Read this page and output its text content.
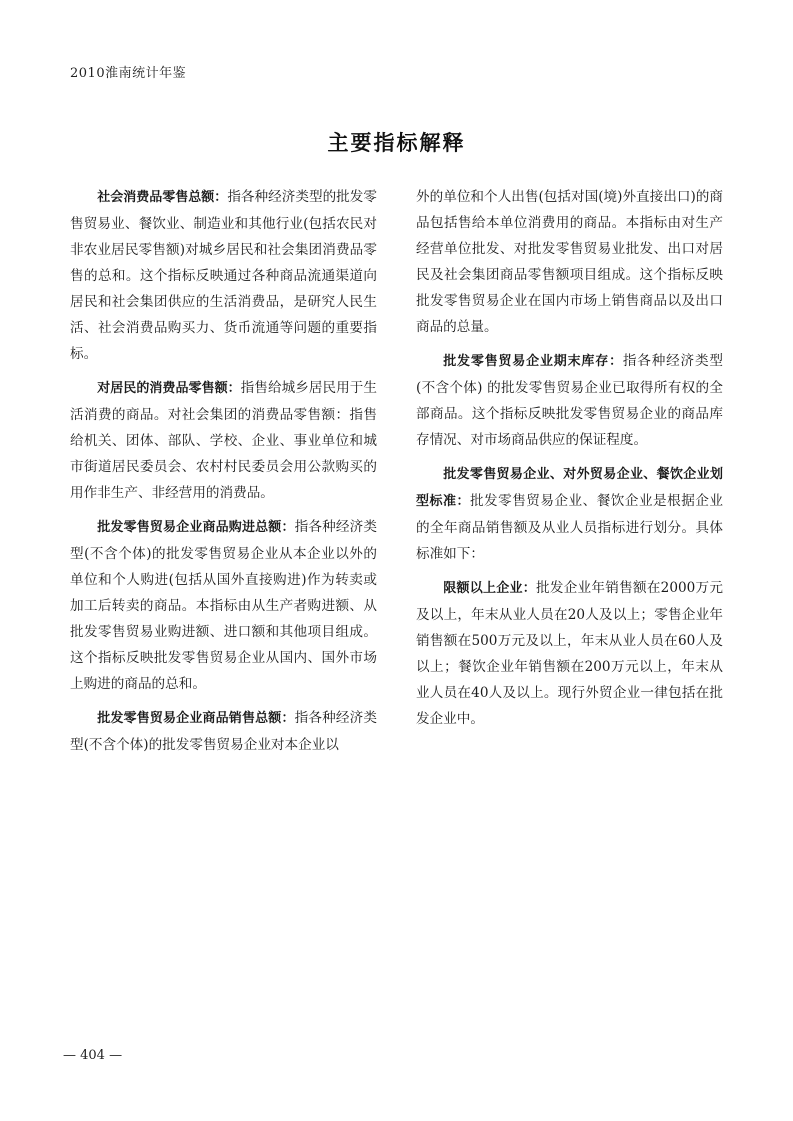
2010淮南统计年鉴
主要指标解释

社会消费品零售总额：指各种经济类型的批发零售贸易业、餐饮业、制造业和其他行业(包括农民对非农业居民零售额)对城乡居民和社会集团消费品零售的总和。这个指标反映通过各种商品流通渠道向居民和社会集团供应的生活消费品，是研究人民生活、社会消费品购买力、货币流通等问题的重要指标。

对居民的消费品零售额：指售给城乡居民用于生活消费的商品。对社会集团的消费品零售额：指售给机关、团体、部队、学校、企业、事业单位和城市街道居民委员会、农村村民委员会用公款购买的用作非生产、非经营用的消费品。

批发零售贸易企业商品购进总额：指各种经济类型(不含个体)的批发零售贸易企业从本企业以外的单位和个人购进(包括从国外直接购进)作为转卖或加工后转卖的商品。本指标由从生产者购进额、从批发零售贸易业购进额、进口额和其他项目组成。这个指标反映批发零售贸易企业从国内、国外市场上购进的商品的总和。

批发零售贸易企业商品销售总额：指各种经济类型(不含个体)的批发零售贸易企业对本企业以

外的单位和个人出售(包括对国(境)外直接出口)的商品包括售给本单位消费用的商品。本指标由对生产经营单位批发、对批发零售贸易业批发、出口对居民及社会集团商品零售额项目组成。这个指标反映批发零售贸易企业在国内市场上销售商品以及出口商品的总量。

批发零售贸易企业期末库存：指各种经济类型(不含个体) 的批发零售贸易企业已取得所有权的全部商品。这个指标反映批发零售贸易企业的商品库存情况、对市场商品供应的保证程度。

批发零售贸易企业、对外贸易企业、餐饮企业划型标准：批发零售贸易企业、餐饮企业是根据企业的全年商品销售额及从业人员指标进行划分。具体标准如下：

限额以上企业：批发企业年销售额在2000万元及以上，年末从业人员在20人及以上；零售企业年销售额在500万元及以上，年末从业人员在60人及以上；餐饮企业年销售额在200万元以上，年末从业人员在40人及以上。现行外贸企业一律包括在批发企业中。

— 404 —
